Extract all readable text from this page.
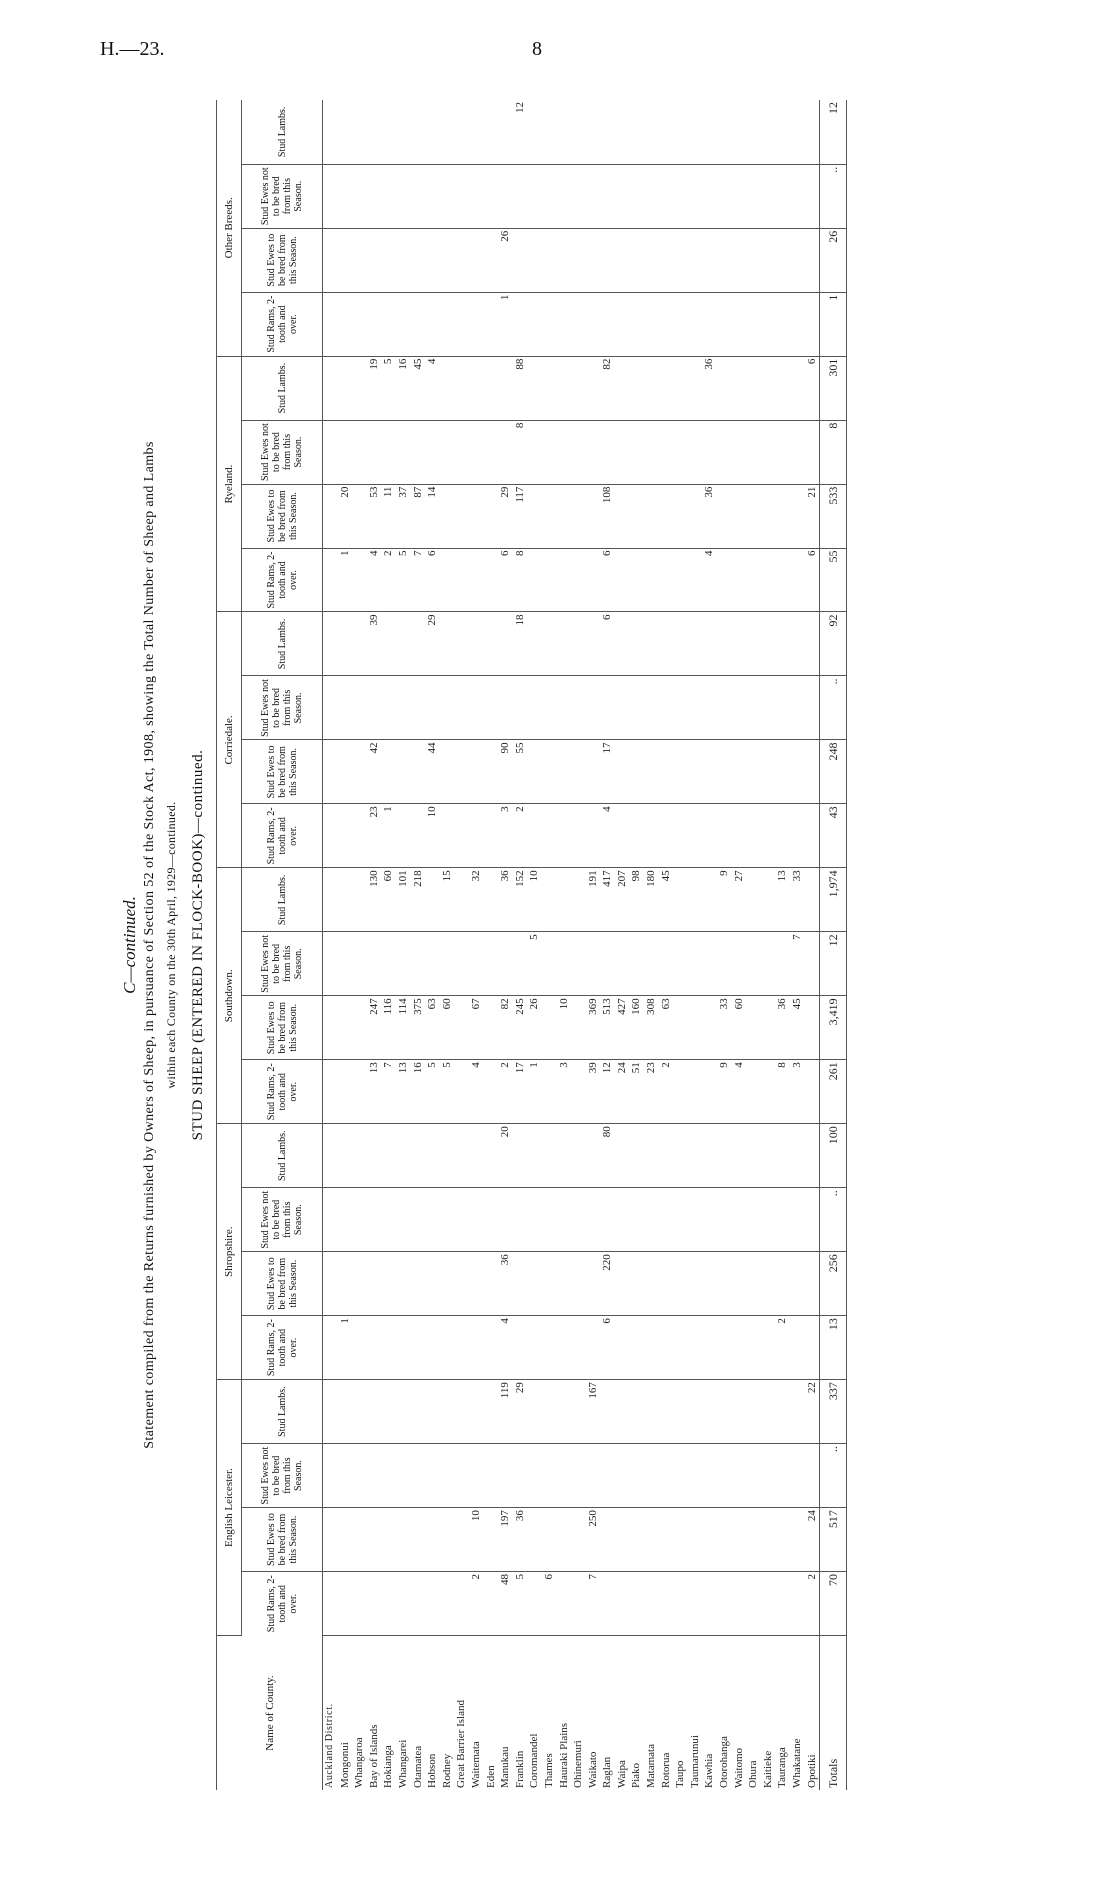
H.—23.	8
C—continued. Statement compiled from the Returns furnished by Owners of Sheep, in pursuance of Section 52 of the Stock Act, 1908, showing the Total Number of Sheep and Lambs within each County on the 30th April, 1929—continued. STUD SHEEP (ENTERED IN FLOCK-BOOK)—continued.
Name of County.	English Leicester.				Shropshire.				Southdown.				Corriedale.				Ryeland.				Other Breeds.			
	Stud Rams, 2-tooth and over.	Stud Ewes to be bred from this Season.	Stud Ewes not to be bred from this Season.	Stud Lambs.	Stud Rams, 2-tooth and over.	Stud Ewes to be bred from this Season.	Stud Ewes not to be bred from this Season.	Stud Lambs.	Stud Rams, 2-tooth and over.	Stud Ewes to be bred from this Season.	Stud Ewes not to be bred from this Season.	Stud Lambs.	Stud Rams, 2-tooth and over.	Stud Ewes to be bred from this Season.	Stud Ewes not to be bred from this Season.	Stud Lambs.	Stud Rams, 2-tooth and over.	Stud Ewes to be bred from this Season.	Stud Ewes not to be bred from this Season.	Stud Lambs.	Stud Rams, 2-tooth and over.	Stud Ewes to be bred from this Season.	Stud Ewes not to be bred from this Season.	Stud Lambs.
Auckland District.																								
Mongonui					1												1	20						
Whangaroa																								
Bay of Islands									13	247		130	23	42		39	4	53		19				
Hokianga									7	116		60	1				2	11		5				
Whangarei									13	114		101					5	37		16				
Otamatea									16	375		218					7	87		45				
Hobson									5	63			10	44		29	6	14		4				
Rodney									5	60		15												
Great Barrier Island																								
Waitemata	2	10							4	67		32												
Eden																								
Manukau	48	197		119	4	36		20	2	82		36	3	90			6	29			1	26		
Franklin	5	36		29					17	245		152	2	55		18	8	117	8	88				12
Coromandel									1	26	5	10												
Thames	6																							
Hauraki Plains									3	10														
Ohinemuri																								
Waikato	7	250		167					39	369		191												
Raglan					6	220		80	12	513		417	4	17		6	6	108		82				
Waipa									24	427		207												
Piako									51	160		98												
Matamata									23	308		180												
Rotorua									2	63		45												
Taupo																								
Taumarunui																								
Kawhia																	4	36		36				
Otorohanga									9	33		9												
Waitomo									4	60		27												
Ohura																								
Kaitieke																								
Tauranga					2				8	36		13												
Whakatane									3	45	7	33												
Opotiki	2	24		22													6	21		6				
Totals	70	517	..	337	13	256	..	100	261	3,419	12	1,974	43	248	..	92	55	533	8	301	1	26	..	12
